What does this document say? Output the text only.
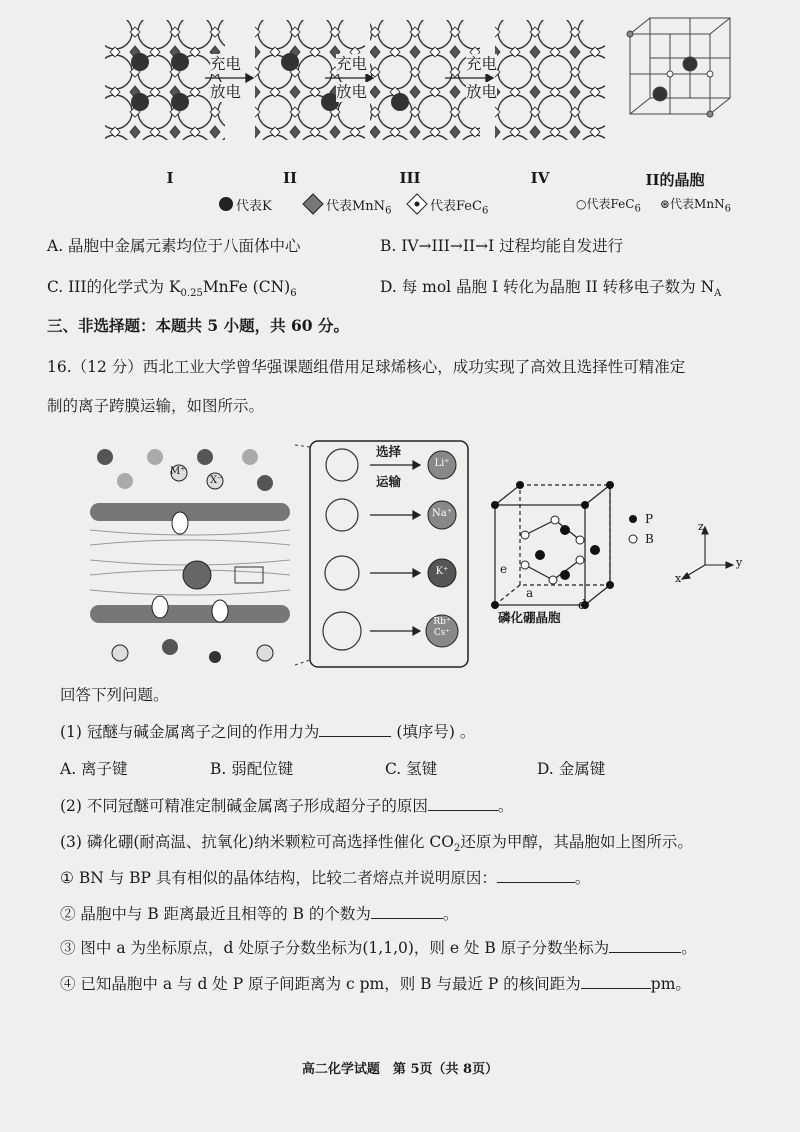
充电
放电
充电
放电
充电
放电
I	II	III	IV	II的晶胞
代表K	代表MnN$_6$	代表FeC$_6$
○代表FeC$_6$ ⊛代表MnN$_6$
A. 晶胞中金属元素均位于八面体中心	B. IV→III→II→I 过程均能自发进行
C. III的化学式为 $K_{0.25}MnFe$ $(CN)_6$	D. 每 mol 晶胞 I 转化为晶胞 II 转移电子数为 $N_A$
三、非选择题：本题共 5 小题，共 60 分。
16.（12 分）西北工业大学曾华强课题组借用足球烯核心，成功实现了高效且选择性可精准定
制的离子跨膜运输，如图所示。
M⁺
X⁻
选择
运输
Li⁺
Na⁺
K⁺
Rb⁺
Cs⁺
磷化硼晶胞
d
a
e
P
B
z
y
x
回答下列问题。
(1) 冠醚与碱金属离子之间的作用力为	(填序号) 。
A. 离子键	B. 弱配位键	C. 氢键	D. 金属键
(2) 不同冠醚可精准定制碱金属离子形成超分子的原因	。
(3) 磷化硼(耐高温、抗氧化)纳米颗粒可高选择性催化 $CO_2$还原为甲醇，其晶胞如上图所示。
① BN 与 BP 具有相似的晶体结构，比较二者熔点并说明原因：	。
② 晶胞中与 B 距离最近且相等的 B 的个数为	。
③ 图中 a 为坐标原点，d 处原子分数坐标为(1,1,0)，则 e 处 B 原子分数坐标为	。
④ 已知晶胞中 a 与 d 处 P 原子间距离为 c pm，则 B 与最近 P 的核间距为	pm。
高二化学试题　第 5页（共 8页）
